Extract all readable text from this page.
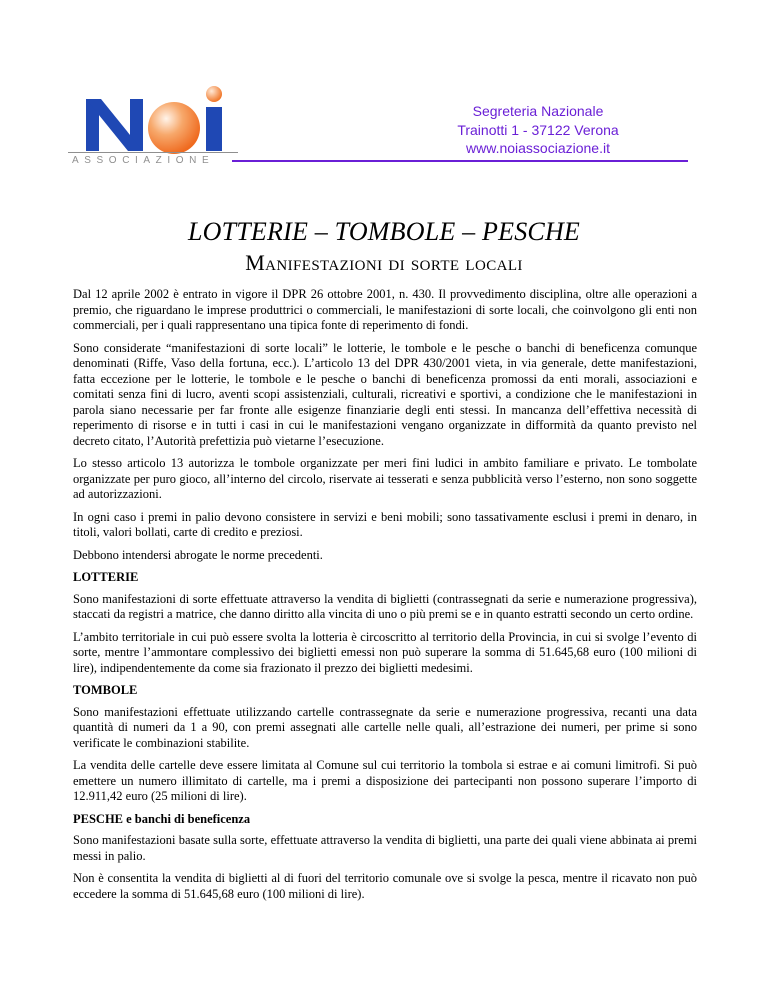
ASSOCIAZIONE
Segreteria Nazionale
Trainotti 1 - 37122 Verona
www.noiassociazione.it
LOTTERIE – TOMBOLE – PESCHE
Manifestazioni di sorte locali

Dal 12 aprile 2002 è entrato in vigore il DPR 26 ottobre 2001, n. 430. Il provvedimento disciplina, oltre alle operazioni a premio, che riguardano le imprese produttrici o commerciali, le manifestazioni di sorte locali, che coinvolgono gli enti non commerciali, per i quali rappresentano una tipica fonte di reperimento di fondi.

Sono considerate “manifestazioni di sorte locali” le lotterie, le tombole e le pesche o banchi di beneficenza comunque denominati (Riffe, Vaso della fortuna, ecc.). L’articolo 13 del DPR 430/2001 vieta, in via generale, dette manifestazioni, fatta eccezione per le lotterie, le tombole e le pesche o banchi di beneficenza promossi da enti morali, associazioni e comitati senza fini di lucro, aventi scopi assistenziali, culturali, ricreativi e sportivi, a condizione che le manifestazioni in parola siano necessarie per far fronte alle esigenze finanziarie degli enti stessi. In mancanza dell’effettiva necessità di reperimento di risorse e in tutti i casi in cui le manifestazioni vengano organizzate in difformità da quanto previsto nel decreto citato, l’Autorità prefettizia può vietarne l’esecuzione.

Lo stesso articolo 13 autorizza le tombole organizzate per meri fini ludici in ambito familiare e privato. Le tombolate organizzate per puro gioco, all’interno del circolo, riservate ai tesserati e senza pubblicità verso l’esterno, non sono soggette ad autorizzazioni.

In ogni caso i premi in palio devono consistere in servizi e beni mobili; sono tassativamente esclusi i premi in denaro, in titoli, valori bollati, carte di credito e preziosi.

Debbono intendersi abrogate le norme precedenti.

LOTTERIE

Sono manifestazioni di sorte effettuate attraverso la vendita di biglietti (contrassegnati da serie e numerazione progressiva), staccati da registri a matrice, che danno diritto alla vincita di uno o più premi se e in quanto estratti secondo un certo ordine.

L’ambito territoriale in cui può essere svolta la lotteria è circoscritto al territorio della Provincia, in cui si svolge l’evento di sorte, mentre l’ammontare complessivo dei biglietti emessi non può superare la somma di 51.645,68 euro (100 milioni di lire), indipendentemente da come sia frazionato il prezzo dei biglietti medesimi.

TOMBOLE

Sono manifestazioni effettuate utilizzando cartelle contrassegnate da serie e numerazione progressiva, recanti una data quantità di numeri da 1 a 90, con premi assegnati alle cartelle nelle quali, all’estrazione dei numeri, per prime si sono verificate le combinazioni stabilite.

La vendita delle cartelle deve essere limitata al Comune sul cui territorio la tombola si estrae e ai comuni limitrofi. Si può emettere un numero illimitato di cartelle, ma i premi a disposizione dei partecipanti non possono superare l’importo di 12.911,42 euro (25 milioni di lire).

PESCHE e banchi di beneficenza

Sono manifestazioni basate sulla sorte, effettuate attraverso la vendita di biglietti, una parte dei quali viene abbinata ai premi messi in palio.

Non è consentita la vendita di biglietti al di fuori del territorio comunale ove si svolge la pesca, mentre il ricavato non può eccedere la somma di 51.645,68 euro (100 milioni di lire).
